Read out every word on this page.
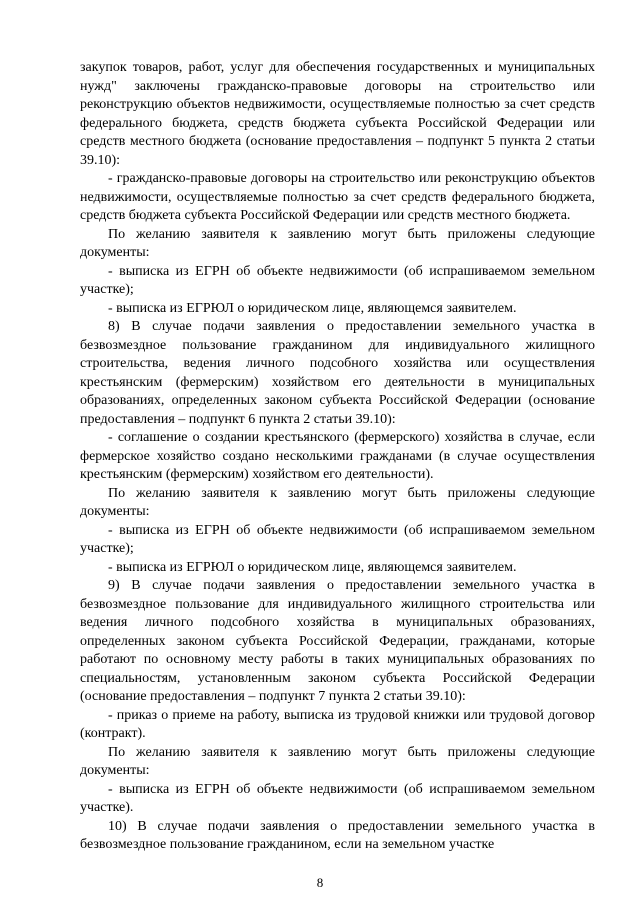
закупок товаров, работ, услуг для обеспечения государственных и муниципальных нужд" заключены гражданско-правовые договоры на строительство или реконструкцию объектов недвижимости, осуществляемые полностью за счет средств федерального бюджета, средств бюджета субъекта Российской Федерации или средств местного бюджета (основание предоставления – подпункт 5 пункта 2 статьи 39.10):

- гражданско-правовые договоры на строительство или реконструкцию объектов недвижимости, осуществляемые полностью за счет средств федерального бюджета, средств бюджета субъекта Российской Федерации или средств местного бюджета.

По желанию заявителя к заявлению могут быть приложены следующие документы:

- выписка из ЕГРН об объекте недвижимости (об испрашиваемом земельном участке);

- выписка из ЕГРЮЛ о юридическом лице, являющемся заявителем.

8) В случае подачи заявления о предоставлении земельного участка в безвозмездное пользование гражданином для индивидуального жилищного строительства, ведения личного подсобного хозяйства или осуществления крестьянским (фермерским) хозяйством его деятельности в муниципальных образованиях, определенных законом субъекта Российской Федерации (основание предоставления – подпункт 6 пункта 2 статьи 39.10):

- соглашение о создании крестьянского (фермерского) хозяйства в случае, если фермерское хозяйство создано несколькими гражданами (в случае осуществления крестьянским (фермерским) хозяйством его деятельности).

По желанию заявителя к заявлению могут быть приложены следующие документы:

- выписка из ЕГРН об объекте недвижимости (об испрашиваемом земельном участке);

- выписка из ЕГРЮЛ о юридическом лице, являющемся заявителем.

9) В случае подачи заявления о предоставлении земельного участка в безвозмездное пользование для индивидуального жилищного строительства или ведения личного подсобного хозяйства в муниципальных образованиях, определенных законом субъекта Российской Федерации, гражданами, которые работают по основному месту работы в таких муниципальных образованиях по специальностям, установленным законом субъекта Российской Федерации (основание предоставления – подпункт 7 пункта 2 статьи 39.10):

- приказ о приеме на работу, выписка из трудовой книжки или трудовой договор (контракт).

По желанию заявителя к заявлению могут быть приложены следующие документы:

- выписка из ЕГРН об объекте недвижимости (об испрашиваемом земельном участке).

10) В случае подачи заявления о предоставлении земельного участка в безвозмездное пользование гражданином, если на земельном участке

8
